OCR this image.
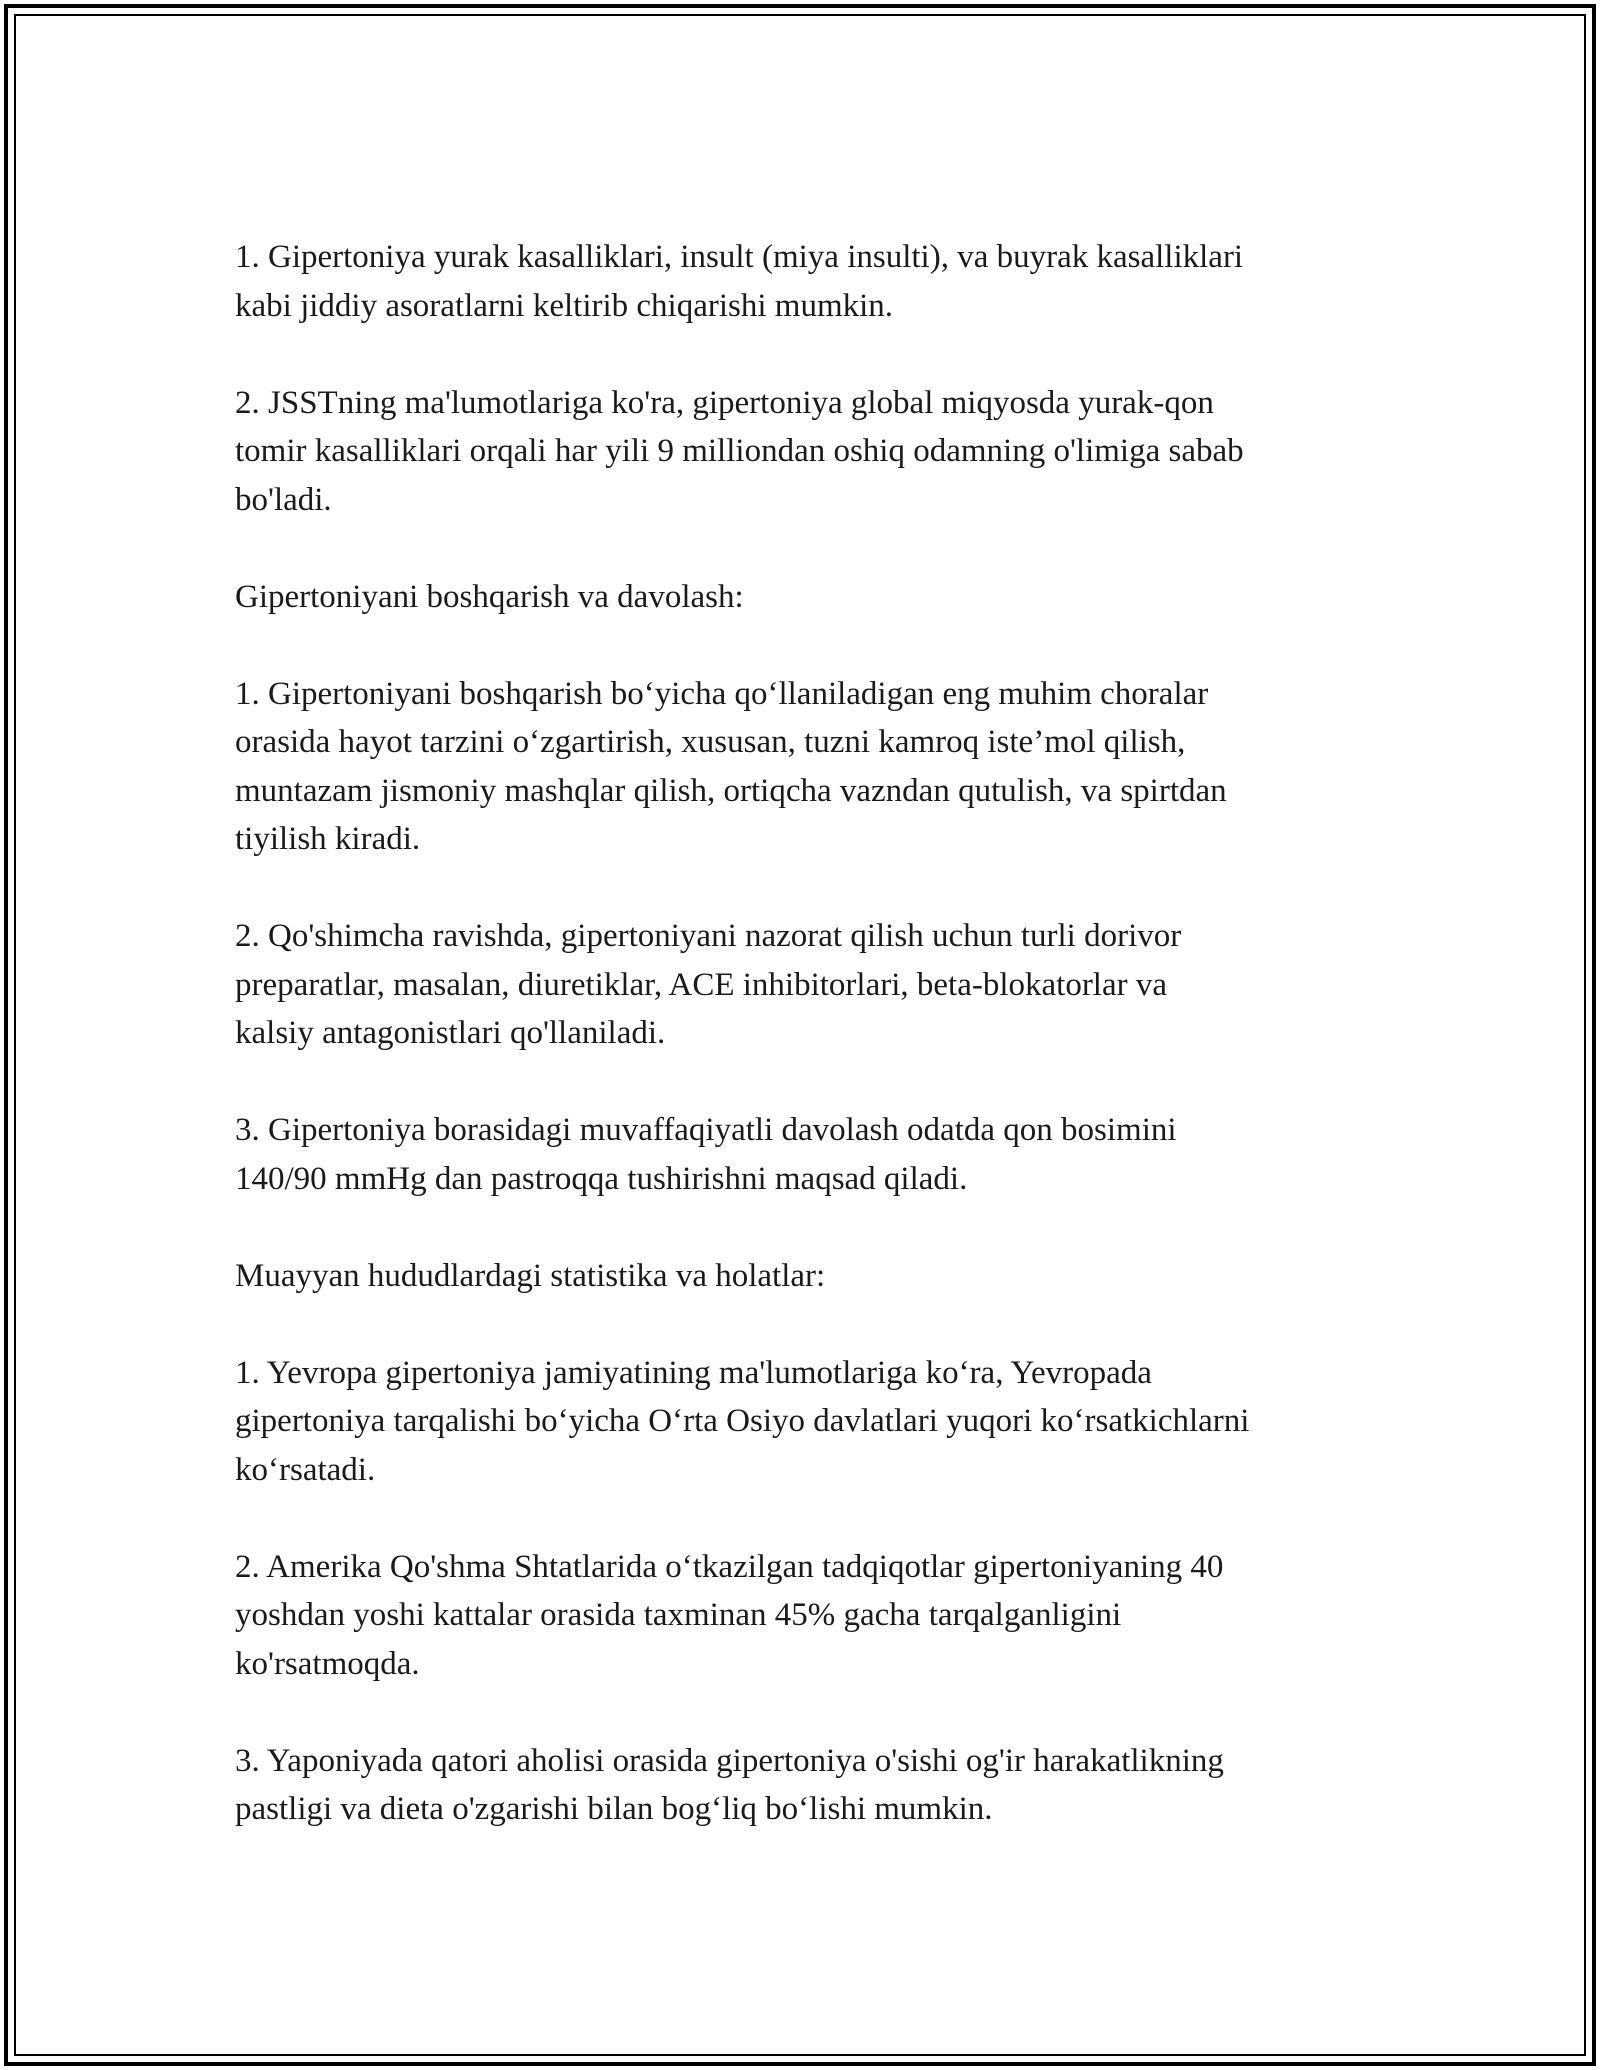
1. Gipertoniya yurak kasalliklari, insult (miya insulti), va buyrak kasalliklari
kabi jiddiy asoratlarni keltirib chiqarishi mumkin.

2. JSSTning ma'lumotlariga ko'ra, gipertoniya global miqyosda yurak-qon
tomir kasalliklari orqali har yili 9 milliondan oshiq odamning o'limiga sabab
bo'ladi.

Gipertoniyani boshqarish va davolash:

1. Gipertoniyani boshqarish bo‘yicha qo‘llaniladigan eng muhim choralar
orasida hayot tarzini o‘zgartirish, xususan, tuzni kamroq iste’mol qilish,
muntazam jismoniy mashqlar qilish, ortiqcha vazndan qutulish, va spirtdan
tiyilish kiradi.

2. Qo'shimcha ravishda, gipertoniyani nazorat qilish uchun turli dorivor
preparatlar, masalan, diuretiklar, ACE inhibitorlari, beta-blokatorlar va
kalsiy antagonistlari qo'llaniladi.

3. Gipertoniya borasidagi muvaffaqiyatli davolash odatda qon bosimini
140/90 mmHg dan pastroqqa tushirishni maqsad qiladi.

Muayyan hududlardagi statistika va holatlar:

1. Yevropa gipertoniya jamiyatining ma'lumotlariga ko‘ra, Yevropada
gipertoniya tarqalishi bo‘yicha O‘rta Osiyo davlatlari yuqori ko‘rsatkichlarni
ko‘rsatadi.

2. Amerika Qo'shma Shtatlarida o‘tkazilgan tadqiqotlar gipertoniyaning 40
yoshdan yoshi kattalar orasida taxminan 45% gacha tarqalganligini
ko'rsatmoqda.

3. Yaponiyada qatori aholisi orasida gipertoniya o'sishi og'ir harakatlikning
pastligi va dieta o'zgarishi bilan bog‘liq bo‘lishi mumkin.
